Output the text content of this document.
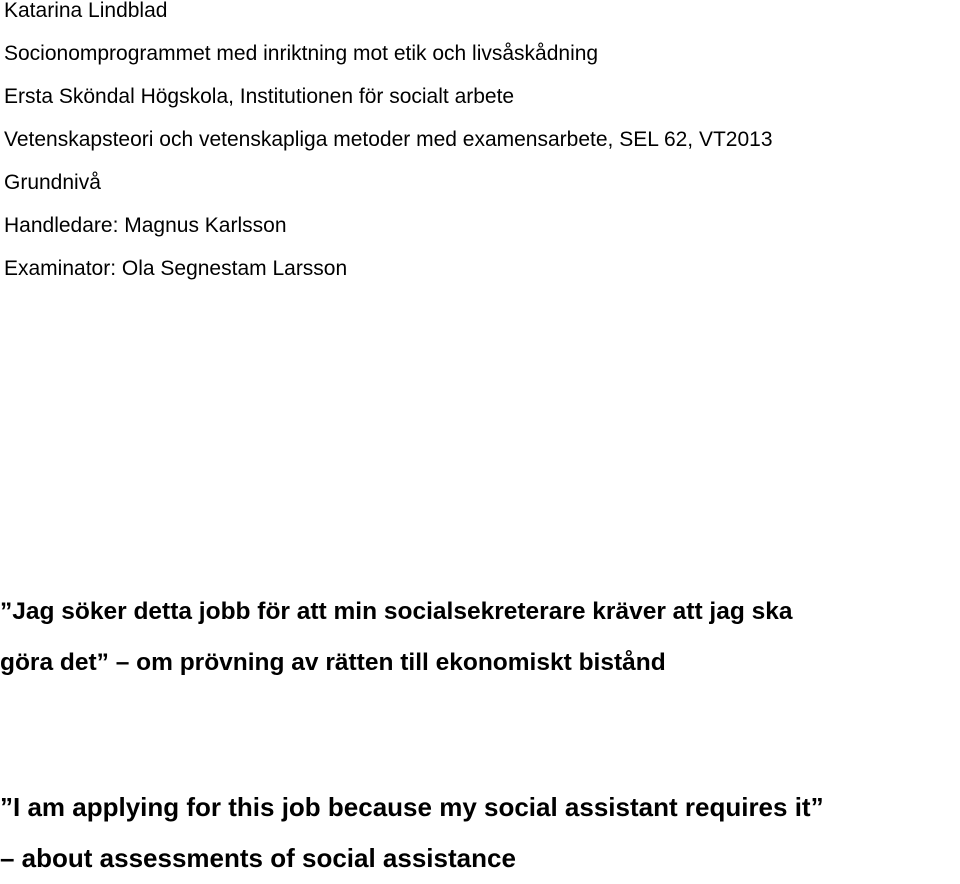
Katarina Lindblad
Socionomprogrammet med inriktning mot etik och livsåskådning
Ersta Sköndal Högskola, Institutionen för socialt arbete
Vetenskapsteori och vetenskapliga metoder med examensarbete, SEL 62, VT2013
Grundnivå
Handledare: Magnus Karlsson
Examinator: Ola Segnestam Larsson
”Jag söker detta jobb för att min socialsekreterare kräver att jag ska
göra det” – om prövning av rätten till ekonomiskt bistånd
”I am applying for this job because my social assistant requires it”
– about assessments of social assistance
